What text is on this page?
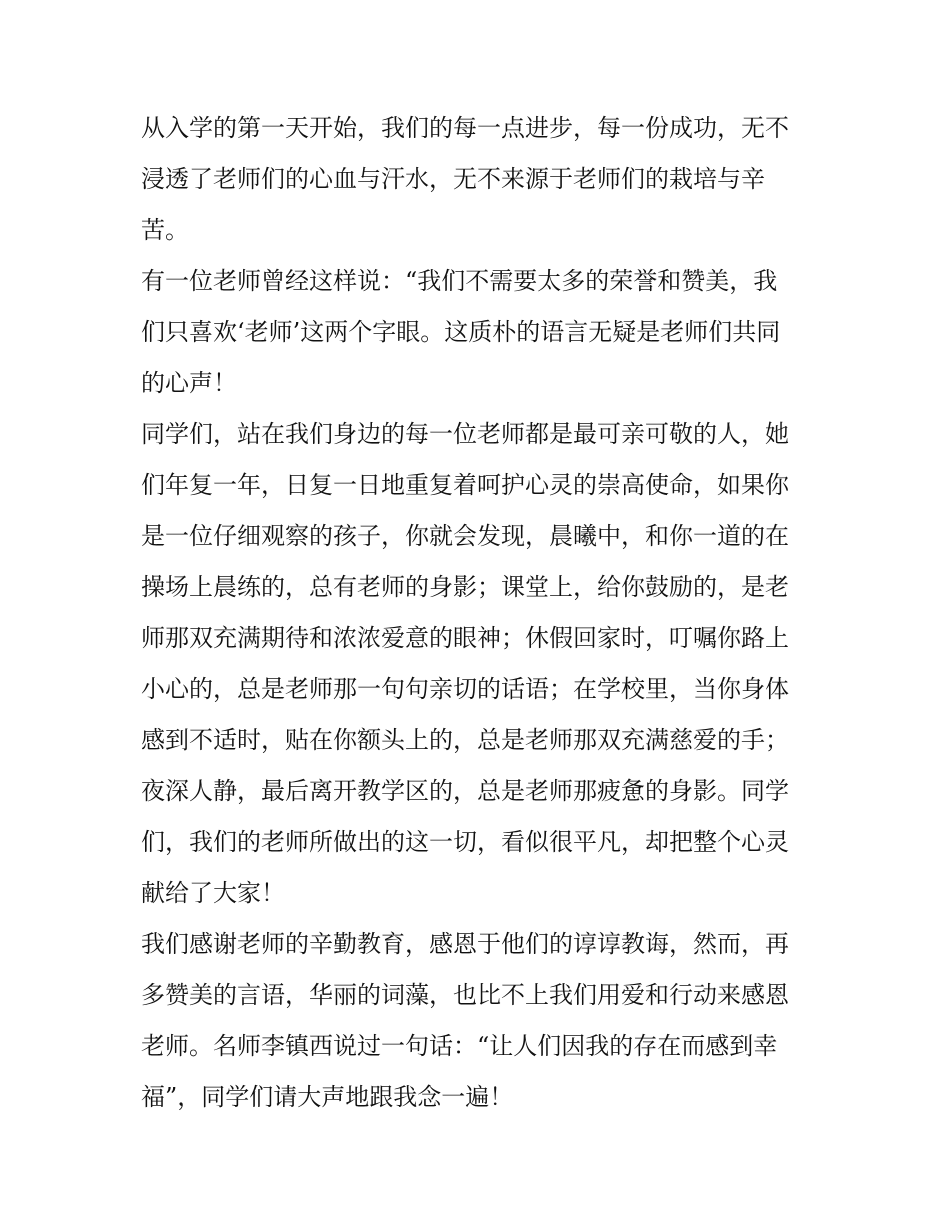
从入学的第一天开始，我们的每一点进步，每一份成功，无不
浸透了老师们的心血与汗水，无不来源于老师们的栽培与辛
苦。
有一位老师曾经这样说：“我们不需要太多的荣誉和赞美，我
们只喜欢‘老师’这两个字眼。这质朴的语言无疑是老师们共同
的心声！
同学们，站在我们身边的每一位老师都是最可亲可敬的人，她
们年复一年，日复一日地重复着呵护心灵的崇高使命，如果你
是一位仔细观察的孩子，你就会发现，晨曦中，和你一道的在
操场上晨练的，总有老师的身影；课堂上，给你鼓励的，是老
师那双充满期待和浓浓爱意的眼神；休假回家时，叮嘱你路上
小心的，总是老师那一句句亲切的话语；在学校里，当你身体
感到不适时，贴在你额头上的，总是老师那双充满慈爱的手；
夜深人静，最后离开教学区的，总是老师那疲惫的身影。同学
们，我们的老师所做出的这一切，看似很平凡，却把整个心灵
献给了大家！
我们感谢老师的辛勤教育，感恩于他们的谆谆教诲，然而，再
多赞美的言语，华丽的词藻，也比不上我们用爱和行动来感恩
老师。名师李镇西说过一句话：“让人们因我的存在而感到幸
福”，同学们请大声地跟我念一遍！
